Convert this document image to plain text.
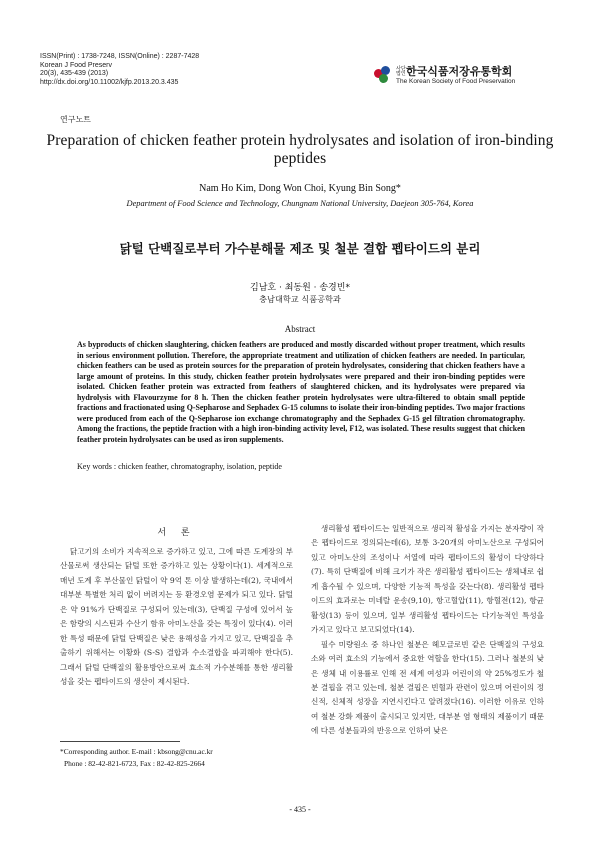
ISSN(Print) : 1738-7248, ISSN(Online) : 2287-7428
Korean J Food Preserv
20(3), 435-439 (2013)
http://dx.doi.org/10.11002/kjfp.2013.20.3.435
사단 법인한국식품저장유통학회
The Korean Society of Food Preservation
연구노트
Preparation of chicken feather protein hydrolysates and isolation of iron-binding peptides
Nam Ho Kim, Dong Won Choi, Kyung Bin Song*
Department of Food Science and Technology, Chungnam National University, Daejeon 305-764, Korea
닭털 단백질로부터 가수분해물 제조 및 철분 결합 펩타이드의 분리
김남호 · 최동원 · 송경빈*
충남대학교 식품공학과
Abstract
As byproducts of chicken slaughtering, chicken feathers are produced and mostly discarded without proper treatment, which results in serious environment pollution. Therefore, the appropriate treatment and utilization of chicken feathers are needed. In particular, chicken feathers can be used as protein sources for the preparation of protein hydrolysates, considering that chicken feathers have a large amount of proteins. In this study, chicken feather protein hydrolysates were prepared and their iron-binding peptides were isolated. Chicken feather protein was extracted from feathers of slaughtered chicken, and its hydrolysates were prepared via hydrolysis with Flavourzyme for 8 h. Then the chicken feather protein hydrolysates were ultra-filtered to obtain small peptide fractions and fractionated using Q-Sepharose and Sephadex G-15 columns to isolate their iron-binding peptides. Two major fractions were produced from each of the Q-Sepharose ion exchange chromatography and the Sephadex G-15 gel filtration chromatography. Among the fractions, the peptide fraction with a high iron-binding activity level, F12, was isolated. These results suggest that chicken feather protein hydrolysates can be used as iron supplements.
Key words : chicken feather, chromatography, isolation, peptide
서 론

닭고기의 소비가 지속적으로 증가하고 있고, 그에 따른 도계장의 부산물로써 생산되는 닭털 또한 증가하고 있는 상황이다(1). 세계적으로 매년 도계 후 부산물인 닭털이 약 9억 톤 이상 발생하는데(2), 국내에서 대부분 특별한 처리 없이 버려지는 등 환경오염 문제가 되고 있다. 닭털은 약 91%가 단백질로 구성되어 있는데(3), 단백질 구성에 있어서 높은 함량의 시스틴과 수산기 함유 아미노산을 갖는 특징이 있다(4). 이러한 특성 때문에 닭털 단백질은 낮은 용해성을 가지고 있고, 단백질을 추출하기 위해서는 이황화 (S-S) 결합과 수소결합을 파괴해야 한다(5). 그래서 닭털 단백질의 활용방안으로써 효소적 가수분해를 통한 생리활성을 갖는 펩타이드의 생산이 제시된다.

생리활성 펩타이드는 일반적으로 생리적 활성을 가지는 분자량이 작은 펩타이드로 정의되는데(6), 보통 3-20개의 아미노산으로 구성되어 있고 아미노산의 조성이나 서열에 따라 펩타이드의 활성이 다양하다(7). 특히 단백질에 비해 크기가 작은 생리활성 펩타이드는 생체내로 쉽게 흡수될 수 있으며, 다양한 기능적 특성을 갖는다(8). 생리활성 펩타이드의 효과로는 미네랄 운송(9,10), 항고혈압(11), 항혈전(12), 항균활성(13) 등이 있으며, 일부 생리활성 펩타이드는 다기능적인 특성을 가지고 있다고 보고되었다(14).

필수 미량원소 중 하나인 철분은 헤모글로빈 같은 단백질의 구성요소와 여러 효소의 기능에서 중요한 역할을 한다(15). 그러나 철분의 낮은 생체 내 이용률로 인해 전 세계 여성과 어린이의 약 25%정도가 철분 결핍을 겪고 있는데, 철분 결핍은 빈혈과 관련이 있으며 어린이의 정신적, 신체적 성장을 지연시킨다고 알려졌다(16). 이러한 이유로 인하여 철분 강화 제품이 출시되고 있지만, 대부분 염 형태의 제품이기 때문에 다른 성분들과의 반응으로 인하여 낮은

*Corresponding author. E-mail : kbsong@cnu.ac.kr
Phone : 82-42-821-6723, Fax : 82-42-825-2664
- 435 -
